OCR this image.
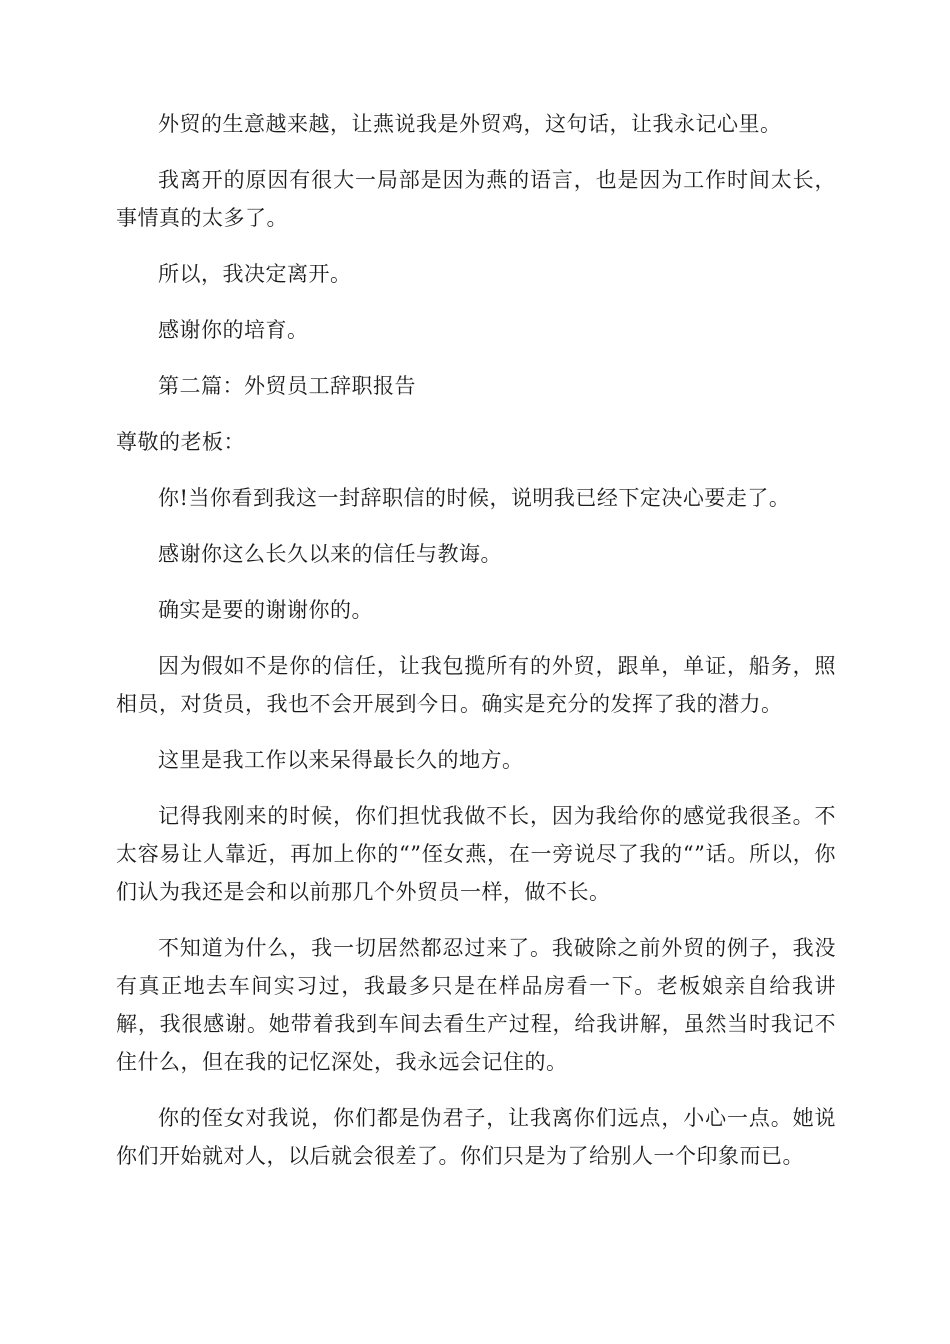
外贸的生意越来越，让燕说我是外贸鸡，这句话，让我永记心里。

我离开的原因有很大一局部是因为燕的语言，也是因为工作时间太长，事情真的太多了。

所以，我决定离开。

感谢你的培育。

第二篇：外贸员工辞职报告

尊敬的老板：

你!当你看到我这一封辞职信的时候，说明我已经下定决心要走了。

感谢你这么长久以来的信任与教诲。

确实是要的谢谢你的。

因为假如不是你的信任，让我包揽所有的外贸，跟单，单证，船务，照相员，对货员，我也不会开展到今日。确实是充分的发挥了我的潜力。

这里是我工作以来呆得最长久的地方。

记得我刚来的时候，你们担忧我做不长，因为我给你的感觉我很圣。不太容易让人靠近，再加上你的“”侄女燕，在一旁说尽了我的“”话。所以，你们认为我还是会和以前那几个外贸员一样，做不长。

不知道为什么，我一切居然都忍过来了。我破除之前外贸的例子，我没有真正地去车间实习过，我最多只是在样品房看一下。老板娘亲自给我讲解，我很感谢。她带着我到车间去看生产过程，给我讲解，虽然当时我记不住什么，但在我的记忆深处，我永远会记住的。

你的侄女对我说，你们都是伪君子，让我离你们远点，小心一点。她说你们开始就对人，以后就会很差了。你们只是为了给别人一个印象而已。
